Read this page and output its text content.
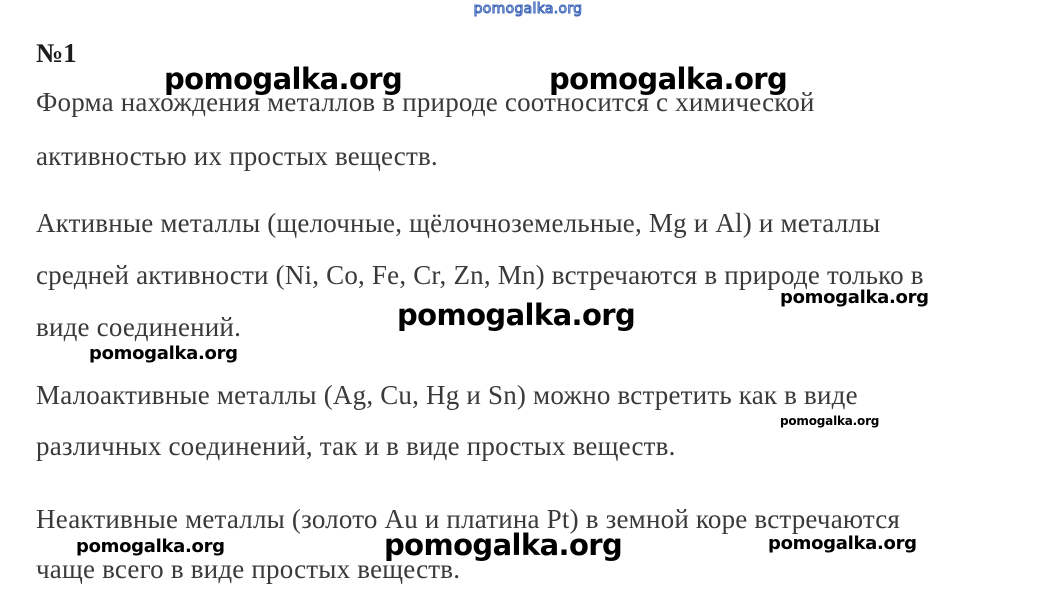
pomogalka.org
№1
Форма нахождения металлов в природе соотносится с химической
активностью их простых веществ.
Активные металлы (щелочные, щёлочноземельные, Mg и Al) и металлы
средней активности (Ni, Co, Fe, Cr, Zn, Mn) встречаются в природе только в
виде соединений.
Малоактивные металлы (Ag, Cu, Hg и Sn) можно встретить как в виде
различных соединений, так и в виде простых веществ.
Неактивные металлы (золото Au и платина Pt) в земной коре встречаются
чаще всего в виде простых веществ.
pomogalka.org	pomogalka.org
pomogalka.org
pomogalka.org
pomogalka.org
pomogalka.org
pomogalka.org	pomogalka.org	pomogalka.org
